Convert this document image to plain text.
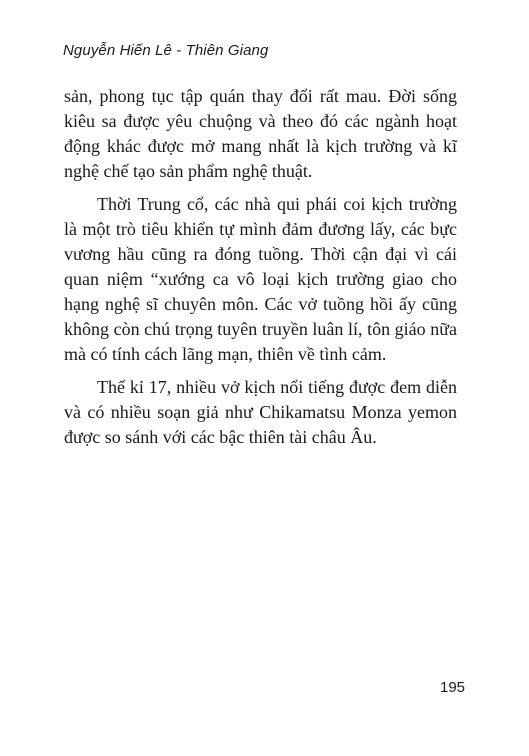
Nguyễn Hiến Lê - Thiên Giang

sản, phong tục tập quán thay đổi rất mau. Đời sống kiêu sa được yêu chuộng và theo đó các ngành hoạt động khác được mở mang nhất là kịch trường và kĩ nghệ chế tạo sản phẩm nghệ thuật.

Thời Trung cổ, các nhà qui phái coi kịch trường là một trò tiêu khiển tự mình đảm đương lấy, các bực vương hầu cũng ra đóng tuồng. Thời cận đại vì cái quan niệm “xướng ca vô loại kịch trường giao cho hạng nghệ sĩ chuyên môn. Các vở tuồng hồi ấy cũng không còn chú trọng tuyên truyền luân lí, tôn giáo nữa mà có tính cách lãng mạn, thiên về tình cảm.

Thế kỉ 17, nhiều vở kịch nổi tiếng được đem diễn và có nhiều soạn giả như Chikamatsu Monza yemon được so sánh với các bậc thiên tài châu Âu.

195
